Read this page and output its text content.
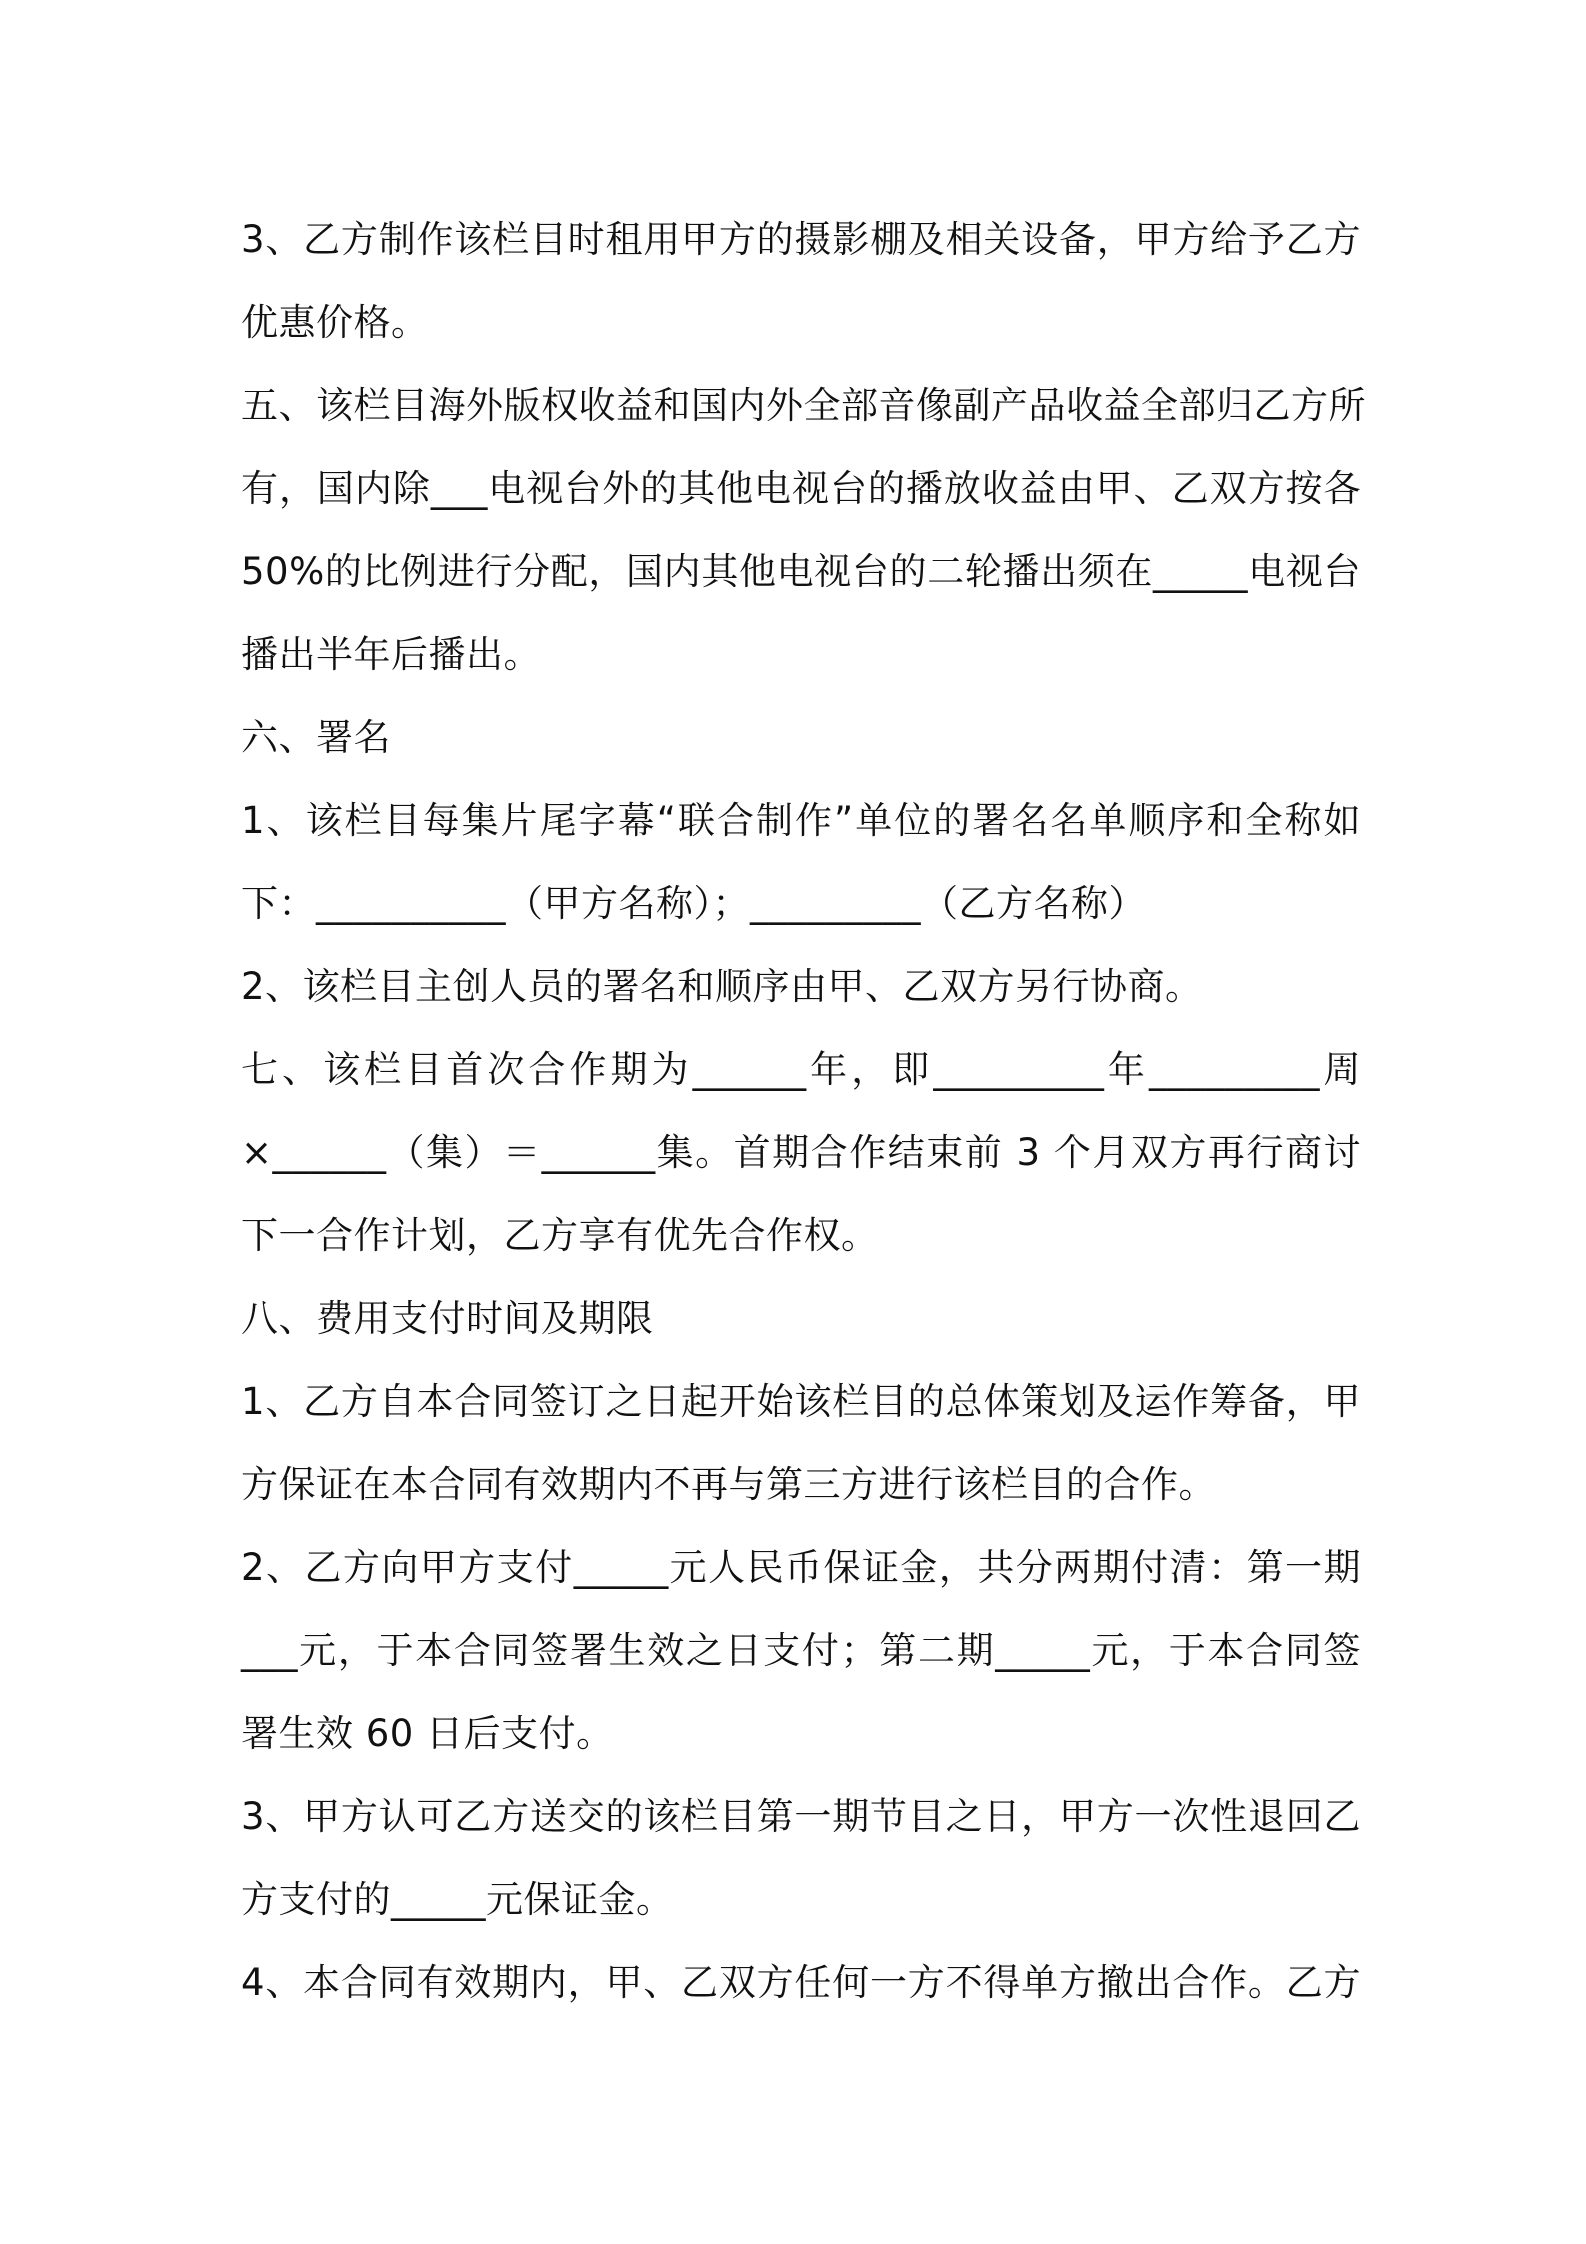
3、乙方制作该栏目时租用甲方的摄影棚及相关设备，甲方给予乙方
优惠价格。
五、该栏目海外版权收益和国内外全部音像副产品收益全部归乙方所
有，国内除___电视台外的其他电视台的播放收益由甲、乙双方按各
50%的比例进行分配，国内其他电视台的二轮播出须在_____电视台
播出半年后播出。
六、署名
1、该栏目每集片尾字幕“联合制作”单位的署名名单顺序和全称如
下：__________（甲方名称）；_________（乙方名称）
2、该栏目主创人员的署名和顺序由甲、乙双方另行协商。
七、该栏目首次合作期为______年，即_________年_________周
×______（集）＝______集。首期合作结束前 3 个月双方再行商讨
下一合作计划，乙方享有优先合作权。
八、费用支付时间及期限
1、乙方自本合同签订之日起开始该栏目的总体策划及运作筹备，甲
方保证在本合同有效期内不再与第三方进行该栏目的合作。
2、乙方向甲方支付_____元人民币保证金，共分两期付清：第一期
___元，于本合同签署生效之日支付；第二期_____元，于本合同签
署生效 60 日后支付。
3、甲方认可乙方送交的该栏目第一期节目之日，甲方一次性退回乙
方支付的_____元保证金。
4、本合同有效期内，甲、乙双方任何一方不得单方撤出合作。乙方
